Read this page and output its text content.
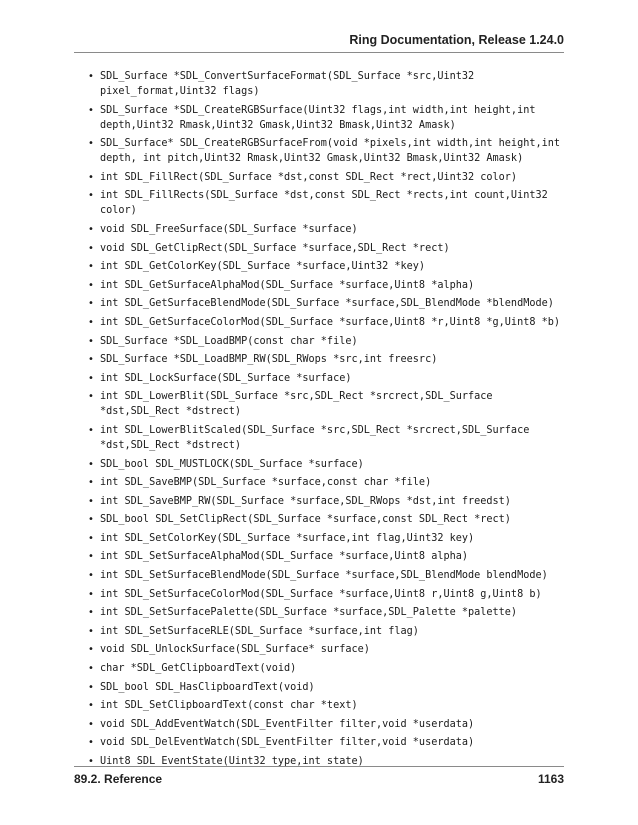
Ring Documentation, Release 1.24.0
• SDL_Surface *SDL_ConvertSurfaceFormat(SDL_Surface *src,Uint32 pixel_format,Uint32 flags)
• SDL_Surface *SDL_CreateRGBSurface(Uint32 flags,int width,int height,int depth,Uint32 Rmask,Uint32 Gmask,Uint32 Bmask,Uint32 Amask)
• SDL_Surface* SDL_CreateRGBSurfaceFrom(void *pixels,int width,int height,int depth, int pitch,Uint32 Rmask,Uint32 Gmask,Uint32 Bmask,Uint32 Amask)
• int SDL_FillRect(SDL_Surface *dst,const SDL_Rect *rect,Uint32 color)
• int SDL_FillRects(SDL_Surface *dst,const SDL_Rect *rects,int count,Uint32 color)
• void SDL_FreeSurface(SDL_Surface *surface)
• void SDL_GetClipRect(SDL_Surface *surface,SDL_Rect *rect)
• int SDL_GetColorKey(SDL_Surface *surface,Uint32 *key)
• int SDL_GetSurfaceAlphaMod(SDL_Surface *surface,Uint8 *alpha)
• int SDL_GetSurfaceBlendMode(SDL_Surface *surface,SDL_BlendMode *blendMode)
• int SDL_GetSurfaceColorMod(SDL_Surface *surface,Uint8 *r,Uint8 *g,Uint8 *b)
• SDL_Surface *SDL_LoadBMP(const char *file)
• SDL_Surface *SDL_LoadBMP_RW(SDL_RWops *src,int freesrc)
• int SDL_LockSurface(SDL_Surface *surface)
• int SDL_LowerBlit(SDL_Surface *src,SDL_Rect *srcrect,SDL_Surface *dst,SDL_Rect *dstrect)
• int SDL_LowerBlitScaled(SDL_Surface *src,SDL_Rect *srcrect,SDL_Surface *dst,SDL_Rect *dstrect)
• SDL_bool SDL_MUSTLOCK(SDL_Surface *surface)
• int SDL_SaveBMP(SDL_Surface *surface,const char *file)
• int SDL_SaveBMP_RW(SDL_Surface *surface,SDL_RWops *dst,int freedst)
• SDL_bool SDL_SetClipRect(SDL_Surface *surface,const SDL_Rect *rect)
• int SDL_SetColorKey(SDL_Surface *surface,int flag,Uint32 key)
• int SDL_SetSurfaceAlphaMod(SDL_Surface *surface,Uint8 alpha)
• int SDL_SetSurfaceBlendMode(SDL_Surface *surface,SDL_BlendMode blendMode)
• int SDL_SetSurfaceColorMod(SDL_Surface *surface,Uint8 r,Uint8 g,Uint8 b)
• int SDL_SetSurfacePalette(SDL_Surface *surface,SDL_Palette *palette)
• int SDL_SetSurfaceRLE(SDL_Surface *surface,int flag)
• void SDL_UnlockSurface(SDL_Surface* surface)
• char *SDL_GetClipboardText(void)
• SDL_bool SDL_HasClipboardText(void)
• int SDL_SetClipboardText(const char *text)
• void SDL_AddEventWatch(SDL_EventFilter filter,void *userdata)
• void SDL_DelEventWatch(SDL_EventFilter filter,void *userdata)
• Uint8 SDL_EventState(Uint32 type,int state)
89.2. Reference	1163
